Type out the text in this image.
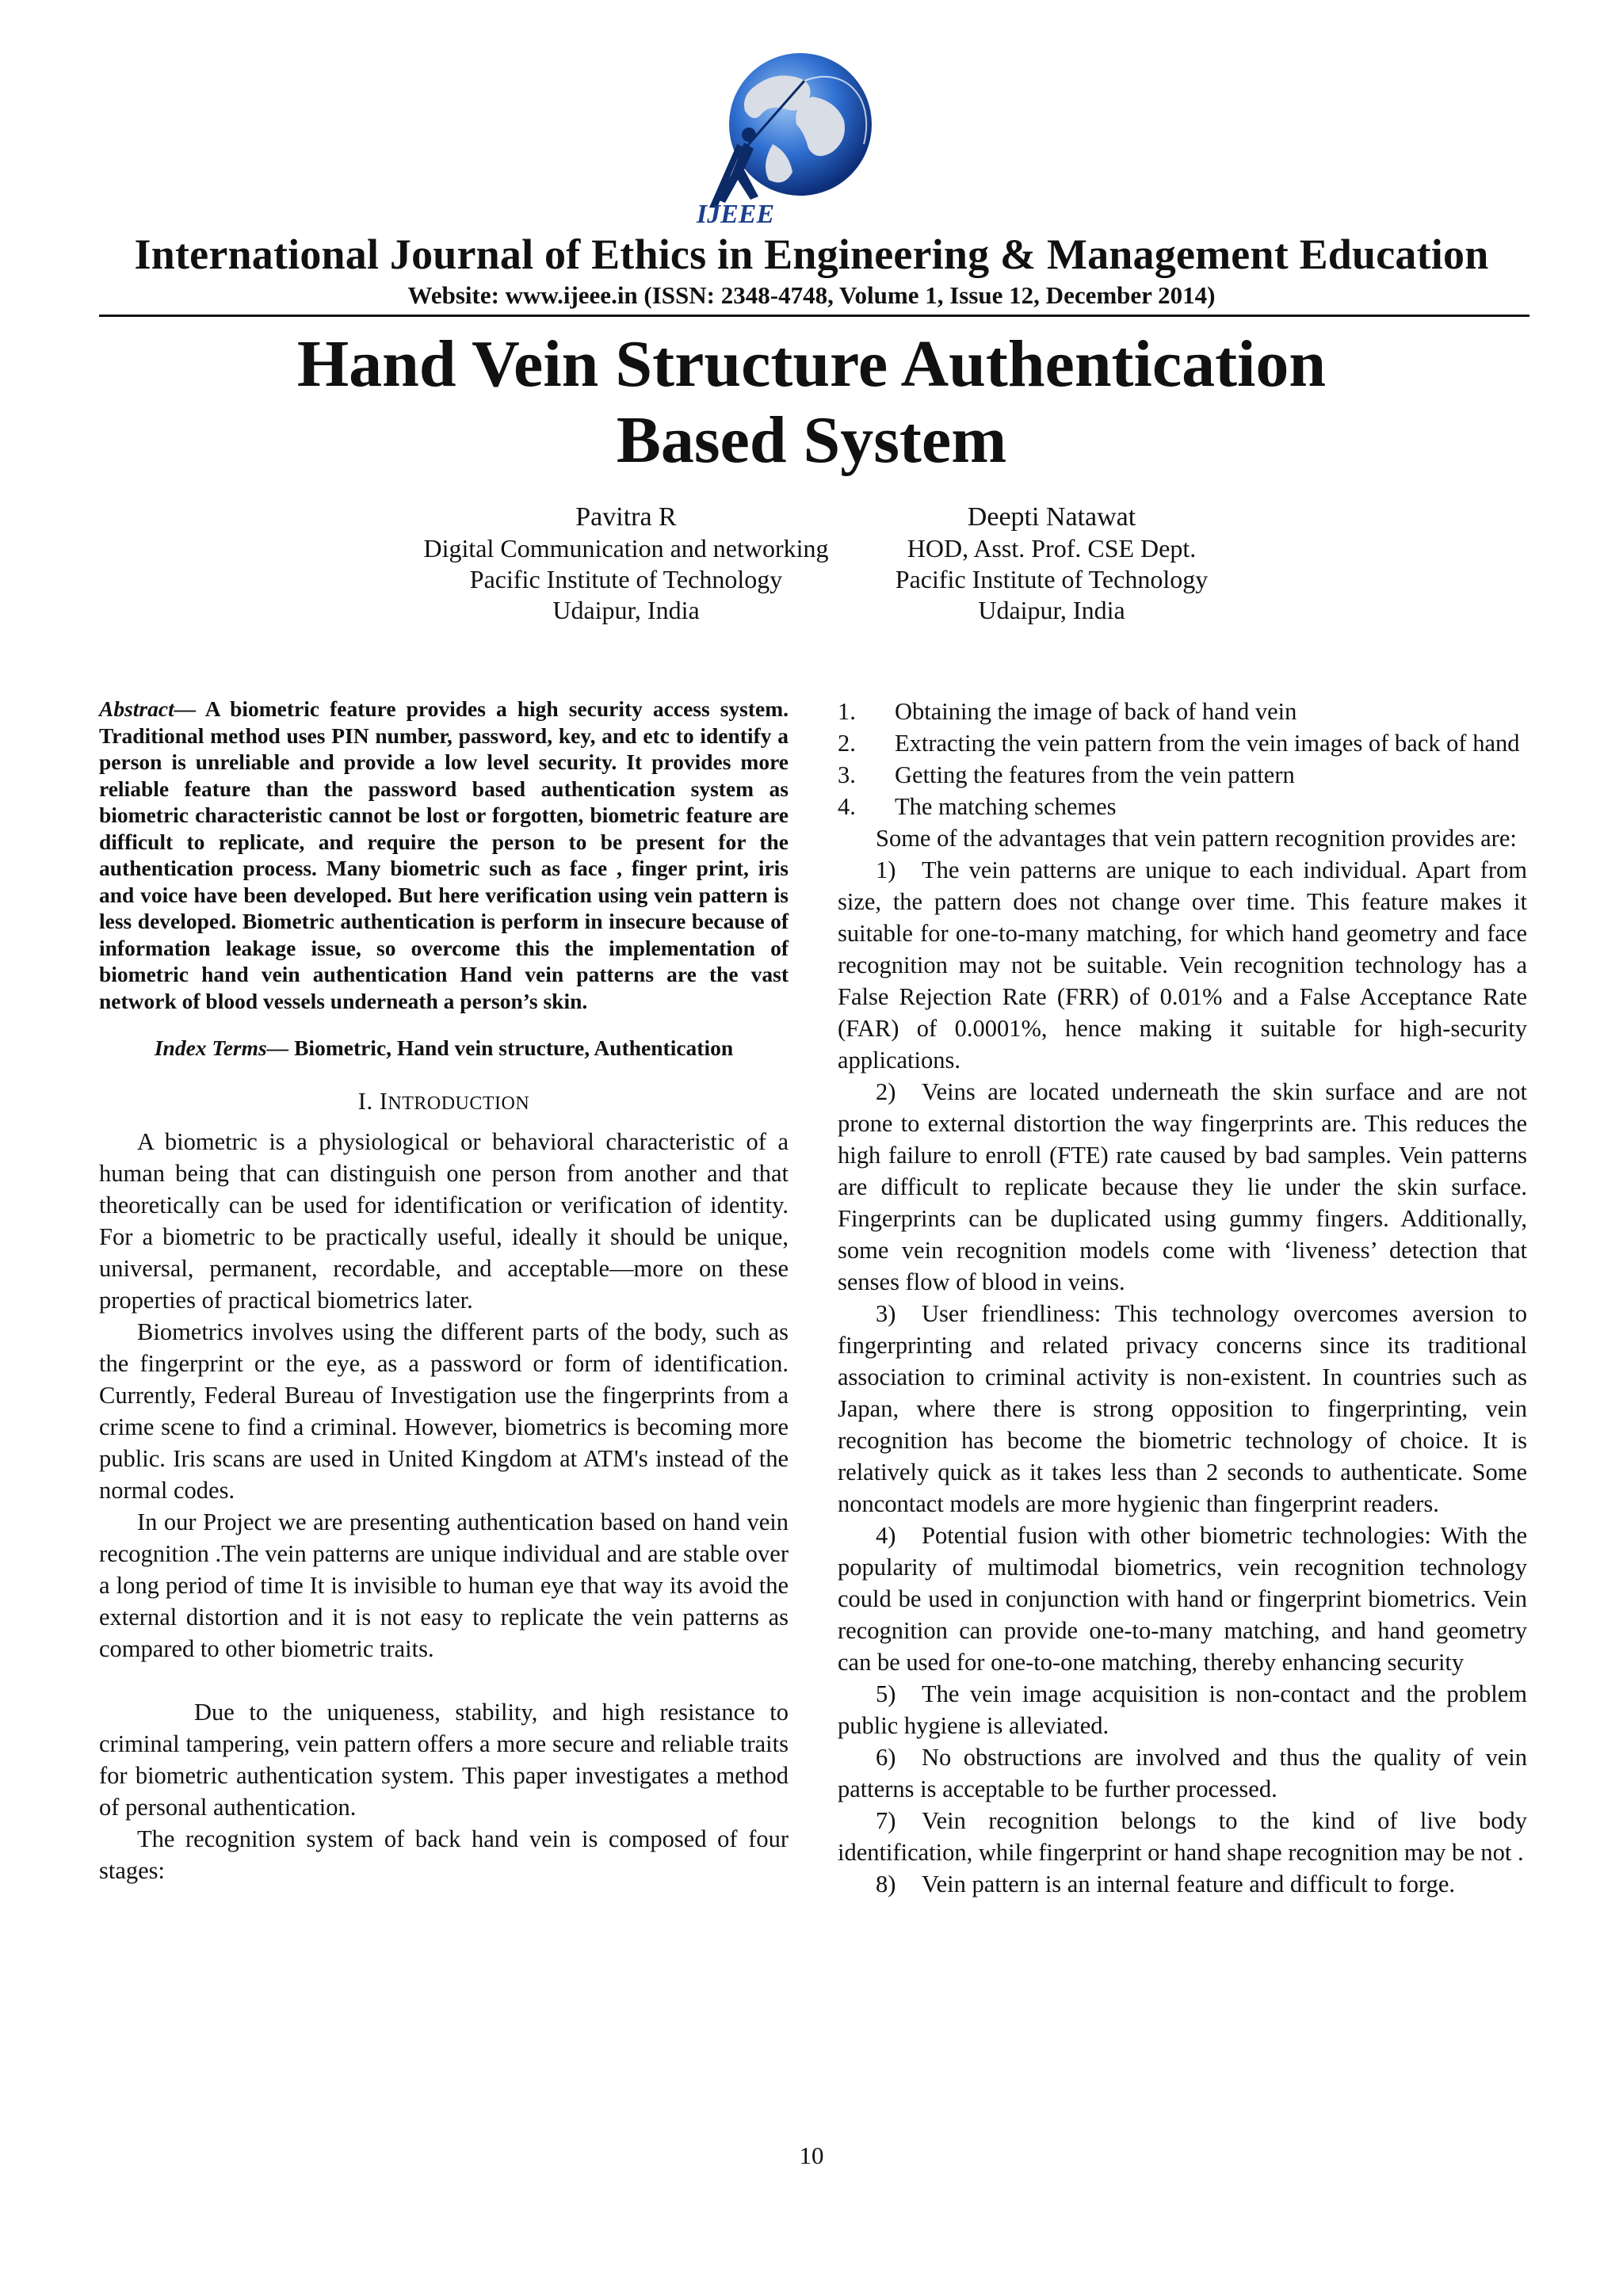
IJEEE
International Journal of Ethics in Engineering & Management Education
Website: www.ijeee.in (ISSN: 2348-4748, Volume 1, Issue 12, December 2014)
Hand Vein Structure Authentication
Based System
Pavitra R
Digital Communication and networking
Pacific Institute of Technology
Udaipur, India
Deepti Natawat
HOD, Asst. Prof. CSE Dept.
Pacific Institute of Technology
Udaipur, India

Abstract— A biometric feature provides a high security access system. Traditional method uses PIN number, password, key, and etc to identify a person is unreliable and provide a low level security. It provides more reliable feature than the password based authentication system as biometric characteristic cannot be lost or forgotten, biometric feature are difficult to replicate, and require the person to be present for the authentication process. Many biometric such as face , finger print, iris and voice have been developed. But here verification using vein pattern is less developed. Biometric authentication is perform in insecure because of information leakage issue, so overcome this the implementation of biometric hand vein authentication Hand vein patterns are the vast network of blood vessels underneath a person’s skin.

Index Terms— Biometric, Hand vein structure, Authentication

I. INTRODUCTION

A biometric is a physiological or behavioral characteristic of a human being that can distinguish one person from another and that theoretically can be used for identification or verification of identity. For a biometric to be practically useful, ideally it should be unique, universal, permanent, recordable, and acceptable—more on these properties of practical biometrics later.

Biometrics involves using the different parts of the body, such as the fingerprint or the eye, as a password or form of identification. Currently, Federal Bureau of Investigation use the fingerprints from a crime scene to find a criminal. However, biometrics is becoming more public. Iris scans are used in United Kingdom at ATM's instead of the normal codes.

In our Project we are presenting authentication based on hand vein recognition .The vein patterns are unique individual and are stable over a long period of time It is invisible to human eye that way its avoid the external distortion and it is not easy to replicate the vein patterns as compared to other biometric traits.

Due to the uniqueness, stability, and high resistance to criminal tampering, vein pattern offers a more secure and reliable traits for biometric authentication system. This paper investigates a method of personal authentication.

The recognition system of back hand vein is composed of four stages:

1. Obtaining the image of back of hand vein
2. Extracting the vein pattern from the vein images of back of hand
3. Getting the features from the vein pattern
4. The matching schemes

Some of the advantages that vein pattern recognition provides are:

1) The vein patterns are unique to each individual. Apart from size, the pattern does not change over time. This feature makes it suitable for one-to-many matching, for which hand geometry and face recognition may not be suitable. Vein recognition technology has a False Rejection Rate (FRR) of 0.01% and a False Acceptance Rate (FAR) of 0.0001%, hence making it suitable for high-security applications.

2) Veins are located underneath the skin surface and are not prone to external distortion the way fingerprints are. This reduces the high failure to enroll (FTE) rate caused by bad samples. Vein patterns are difficult to replicate because they lie under the skin surface. Fingerprints can be duplicated using gummy fingers. Additionally, some vein recognition models come with ‘liveness’ detection that senses flow of blood in veins.

3) User friendliness: This technology overcomes aversion to fingerprinting and related privacy concerns since its traditional association to criminal activity is non-existent. In countries such as Japan, where there is strong opposition to fingerprinting, vein recognition has become the biometric technology of choice. It is relatively quick as it takes less than 2 seconds to authenticate. Some noncontact models are more hygienic than fingerprint readers.

4) Potential fusion with other biometric technologies: With the popularity of multimodal biometrics, vein recognition technology could be used in conjunction with hand or fingerprint biometrics. Vein recognition can provide one-to-many matching, and hand geometry can be used for one-to-one matching, thereby enhancing security

5) The vein image acquisition is non-contact and the problem public hygiene is alleviated.

6) No obstructions are involved and thus the quality of vein patterns is acceptable to be further processed.

7) Vein recognition belongs to the kind of live body identification, while fingerprint or hand shape recognition may be not .

8) Vein pattern is an internal feature and difficult to forge.

10
